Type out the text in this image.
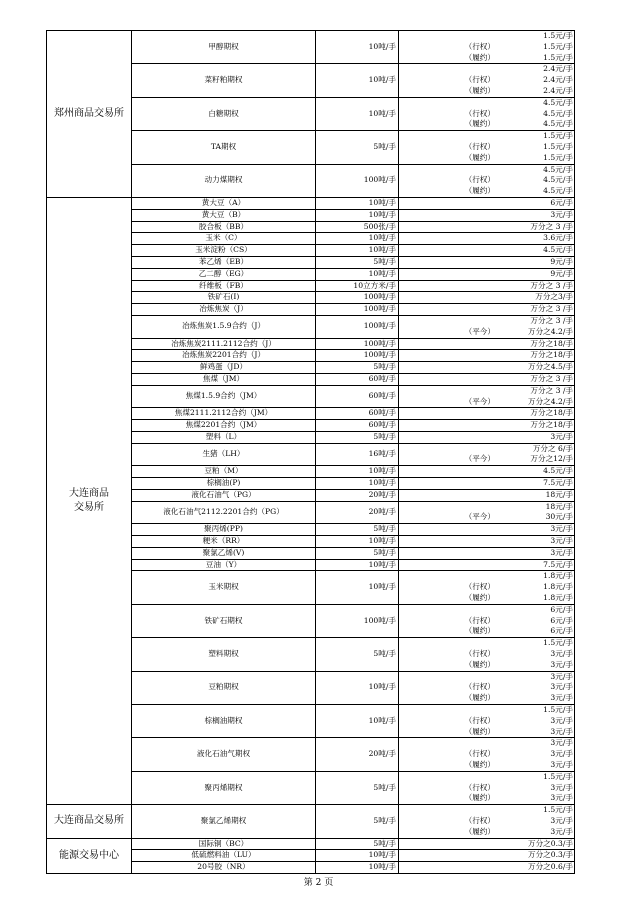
郑州商品交易所	甲醇期权	10吨/手	1.5元/手
（行权） 1.5元/手
（履约） 1.5元/手

	菜籽粕期权	10吨/手	2.4元/手
（行权） 2.4元/手
（履约） 2.4元/手

	白糖期权	10吨/手	4.5元/手
（行权） 4.5元/手
（履约） 4.5元/手

	TA期权	5吨/手	1.5元/手
（行权） 1.5元/手
（履约） 1.5元/手

	动力煤期权	100吨/手	4.5元/手
（行权） 4.5元/手
（履约） 4.5元/手

大连商品
交易所	黄大豆（A）	10吨/手	6元/手

	黄大豆（B）	10吨/手	3元/手

	胶合板（BB）	500张/手	万分之 3 /手

	玉米（C）	10吨/手	3.6元/手

	玉米淀粉（CS）	10吨/手	4.5元/手

	苯乙烯（EB）	5吨/手	9元/手

	乙二醇（EG）	10吨/手	9元/手

	纤维板（FB）	10立方米/手	万分之 3 /手

	铁矿石(I)	100吨/手	万分之3/手

	冶炼焦炭（J）	100吨/手	万分之 3 /手

	冶炼焦炭1.5.9合约（J）	100吨/手	万分之 3 /手
（平今） 万分之4.2/手

	冶炼焦炭2111.2112合约（J）	100吨/手	万分之18/手

	冶炼焦炭2201合约（J）	100吨/手	万分之18/手

	鲜鸡蛋（JD）	5吨/手	万分之4.5/手

	焦煤（JM）	60吨/手	万分之 3 /手

	焦煤1.5.9合约（JM）	60吨/手	万分之 3 /手
（平今） 万分之4.2/手

	焦煤2111.2112合约（JM）	60吨/手	万分之18/手

	焦煤2201合约（JM）	60吨/手	万分之18/手

	塑料（L）	5吨/手	3元/手

	生猪（LH）	16吨/手	万分之 6/手
（平今） 万分之12/手

	豆粕（M）	10吨/手	4.5元/手

	棕榈油(P)	10吨/手	7.5元/手

	液化石油气（PG）	20吨/手	18元/手

	液化石油气2112.2201合约（PG）	20吨/手	18元/手
（平今） 30元/手

	聚丙烯(PP)	5吨/手	3元/手

	粳米（RR）	10吨/手	3元/手

	聚氯乙烯(V)	5吨/手	3元/手

	豆油（Y）	10吨/手	7.5元/手

	玉米期权	10吨/手	1.8元/手
（行权） 1.8元/手
（履约） 1.8元/手

	铁矿石期权	100吨/手	6元/手
（行权） 6元/手
（履约） 6元/手

	塑料期权	5吨/手	1.5元/手
（行权） 3元/手
（履约） 3元/手

	豆粕期权	10吨/手	3元/手
（行权） 3元/手
（履约） 3元/手

	棕榈油期权	10吨/手	1.5元/手
（行权） 3元/手
（履约） 3元/手

	液化石油气期权	20吨/手	3元/手
（行权） 3元/手
（履约） 3元/手

	聚丙烯期权	5吨/手	1.5元/手
（行权） 3元/手
（履约） 3元/手

大连商品交易所	聚氯乙烯期权	5吨/手	1.5元/手
（行权） 3元/手
（履约） 3元/手

能源交易中心	国际铜（BC）	5吨/手	万分之0.3/手

	低硫燃料油（LU）	10吨/手	万分之0.3/手

	20号胶（NR）	10吨/手	万分之0.6/手
第 2 页
